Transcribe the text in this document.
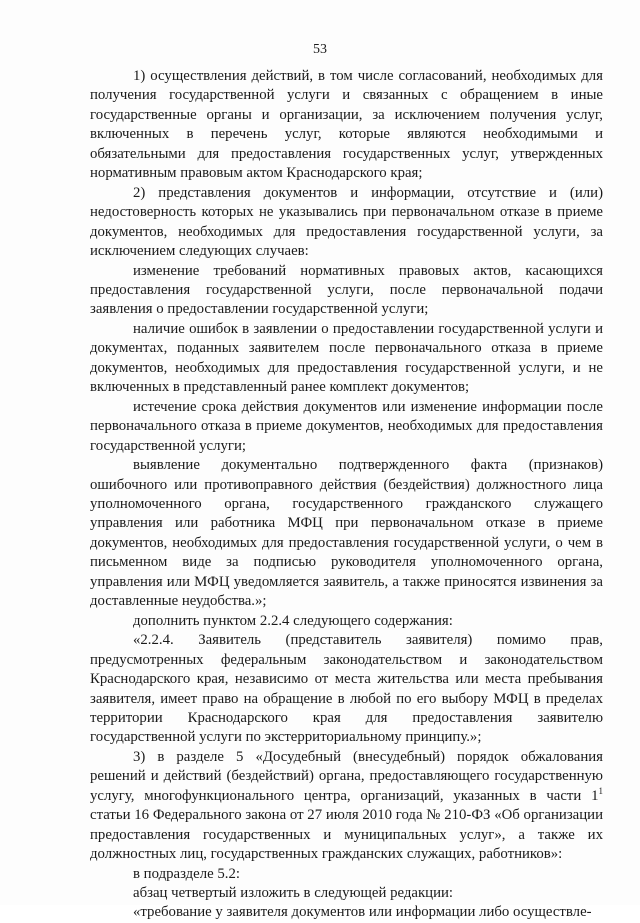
53

1) осуществления действий, в том числе согласований, необходимых для получения государственной услуги и связанных с обращением в иные государственные органы и организации, за исключением получения услуг, включенных в перечень услуг, которые являются необходимыми и обязательными для предоставления государственных услуг, утвержденных нормативным правовым актом Краснодарского края;

2) представления документов и информации, отсутствие и (или) недостоверность которых не указывались при первоначальном отказе в приеме документов, необходимых для предоставления государственной услуги, за исключением следующих случаев:

изменение требований нормативных правовых актов, касающихся предоставления государственной услуги, после первоначальной подачи заявления о предоставлении государственной услуги;

наличие ошибок в заявлении о предоставлении государственной услуги и документах, поданных заявителем после первоначального отказа в приеме документов, необходимых для предоставления государственной услуги, и не включенных в представленный ранее комплект документов;

истечение срока действия документов или изменение информации после первоначального отказа в приеме документов, необходимых для предоставления государственной услуги;

выявление документально подтвержденного факта (признаков) ошибочного или противоправного действия (бездействия) должностного лица уполномоченного органа, государственного гражданского служащего управления или работника МФЦ при первоначальном отказе в приеме документов, необходимых для предоставления государственной услуги, о чем в письменном виде за подписью руководителя уполномоченного органа, управления или МФЦ уведомляется заявитель, а также приносятся извинения за доставленные неудобства.»;

дополнить пунктом 2.2.4 следующего содержания:

«2.2.4. Заявитель (представитель заявителя) помимо прав, предусмотренных федеральным законодательством и законодательством Краснодарского края, независимо от места жительства или места пребывания заявителя, имеет право на обращение в любой по его выбору МФЦ в пределах территории Краснодарского края для предоставления заявителю государственной услуги по экстерриториальному принципу.»;

3) в разделе 5 «Досудебный (внесудебный) порядок обжалования решений и действий (бездействий) органа, предоставляющего государственную услугу, многофункционального центра, организаций, указанных в части $1^1$ статьи 16 Федерального закона от 27 июля 2010 года № 210-ФЗ «Об организации предоставления государственных и муниципальных услуг», а также их должностных лиц, государственных гражданских служащих, работников»:

в подразделе 5.2:

абзац четвертый изложить в следующей редакции:

«требование у заявителя документов или информации либо осуществле-
